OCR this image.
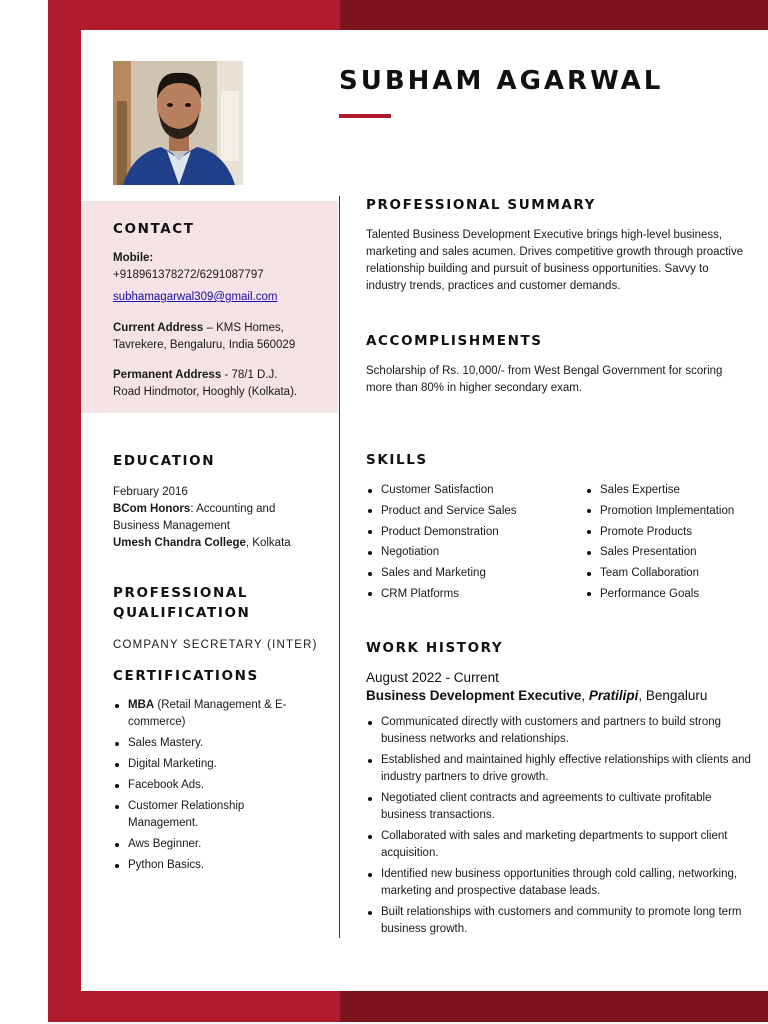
SUBHAM AGARWAL
CONTACT
Mobile:
+918961378272/6291087797
subhamagarwal309@gmail.com
Current Address – KMS Homes, Tavrekere, Bengaluru, India 560029
Permanent Address - 78/1 D.J. Road Hindmotor, Hooghly (Kolkata).
EDUCATION
February 2016
BCom Honors: Accounting and Business Management
Umesh Chandra College, Kolkata
PROFESSIONAL
QUALIFICATION
COMPANY SECRETARY (INTER)
CERTIFICATIONS
MBA (Retail Management & E-commerce)
Sales Mastery.
Digital Marketing.
Facebook Ads.
Customer Relationship Management.
Aws Beginner.
Python Basics.
PROFESSIONAL SUMMARY
Talented Business Development Executive brings high-level business, marketing and sales acumen. Drives competitive growth through proactive relationship building and pursuit of business opportunities. Savvy to industry trends, practices and customer demands.
ACCOMPLISHMENTS
Scholarship of Rs. 10,000/- from West Bengal Government for scoring more than 80% in higher secondary exam.
SKILLS
Customer Satisfaction
Product and Service Sales
Product Demonstration
Negotiation
Sales and Marketing
CRM Platforms
Sales Expertise
Promotion Implementation
Promote Products
Sales Presentation
Team Collaboration
Performance Goals
WORK HISTORY
August 2022 - Current
Business Development Executive, Pratilipi, Bengaluru
Communicated directly with customers and partners to build strong business networks and relationships.
Established and maintained highly effective relationships with clients and industry partners to drive growth.
Negotiated client contracts and agreements to cultivate profitable business transactions.
Collaborated with sales and marketing departments to support client acquisition.
Identified new business opportunities through cold calling, networking, marketing and prospective database leads.
Built relationships with customers and community to promote long term business growth.
